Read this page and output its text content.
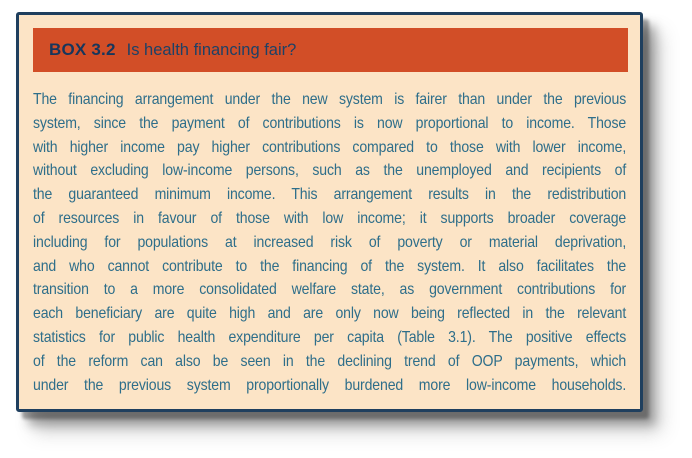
BOX 3.2 Is health financing fair?
The financing arrangement under the new system is fairer than under the previous
system, since the payment of contributions is now proportional to income. Those
with higher income pay higher contributions compared to those with lower income,
without excluding low-income persons, such as the unemployed and recipients of
the guaranteed minimum income. This arrangement results in the redistribution
of resources in favour of those with low income; it supports broader coverage
including for populations at increased risk of poverty or material deprivation,
and who cannot contribute to the financing of the system. It also facilitates the
transition to a more consolidated welfare state, as government contributions for
each beneficiary are quite high and are only now being reflected in the relevant
statistics for public health expenditure per capita (Table 3.1). The positive effects
of the reform can also be seen in the declining trend of OOP payments, which
under the previous system proportionally burdened more low-income households.
